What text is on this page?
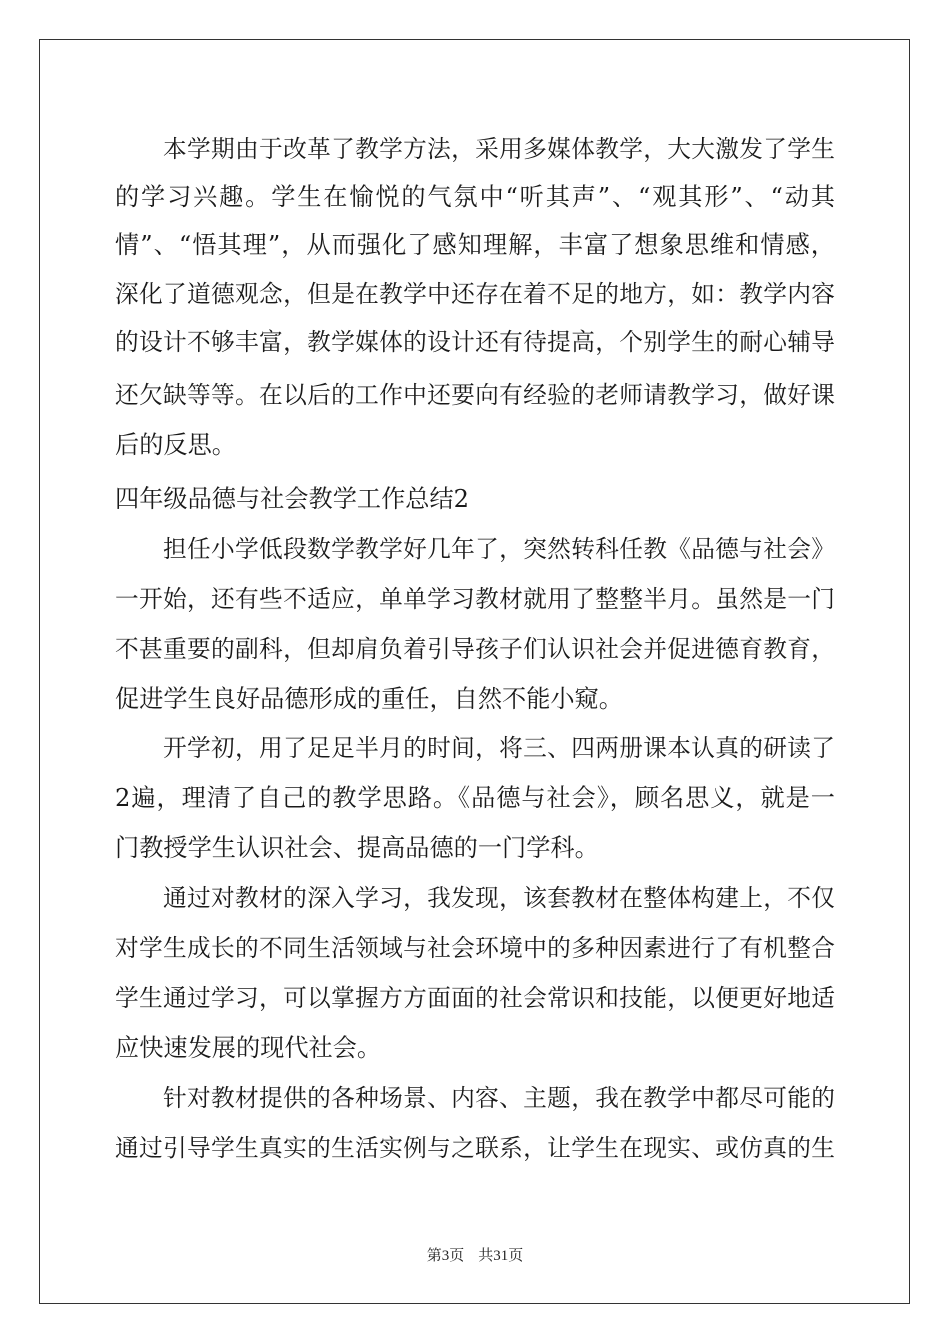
　　本学期由于改革了教学方法，采用多媒体教学，大大激发了学生
的学习兴趣。学生在愉悦的气氛中“听其声”、“观其形”、“动其
情”、“悟其理”，从而强化了感知理解，丰富了想象思维和情感，
深化了道德观念，但是在教学中还存在着不足的地方，如：教学内容
的设计不够丰富，教学媒体的设计还有待提高，个别学生的耐心辅导
还欠缺等等。在以后的工作中还要向有经验的老师请教学习，做好课
后的反思。
四年级品德与社会教学工作总结2
　　担任小学低段数学教学好几年了，突然转科任教《品德与社会》
一开始，还有些不适应，单单学习教材就用了整整半月。虽然是一门
不甚重要的副科，但却肩负着引导孩子们认识社会并促进德育教育，
促进学生良好品德形成的重任，自然不能小窥。
　　开学初，用了足足半月的时间，将三、四两册课本认真的研读了
2遍，理清了自己的教学思路。《品德与社会》，顾名思义，就是一
门教授学生认识社会、提高品德的一门学科。
　　通过对教材的深入学习，我发现，该套教材在整体构建上，不仅
对学生成长的不同生活领域与社会环境中的多种因素进行了有机整合
学生通过学习，可以掌握方方面面的社会常识和技能，以便更好地适
应快速发展的现代社会。
　　针对教材提供的各种场景、内容、主题，我在教学中都尽可能的
通过引导学生真实的生活实例与之联系，让学生在现实、或仿真的生
第3页 共31页
